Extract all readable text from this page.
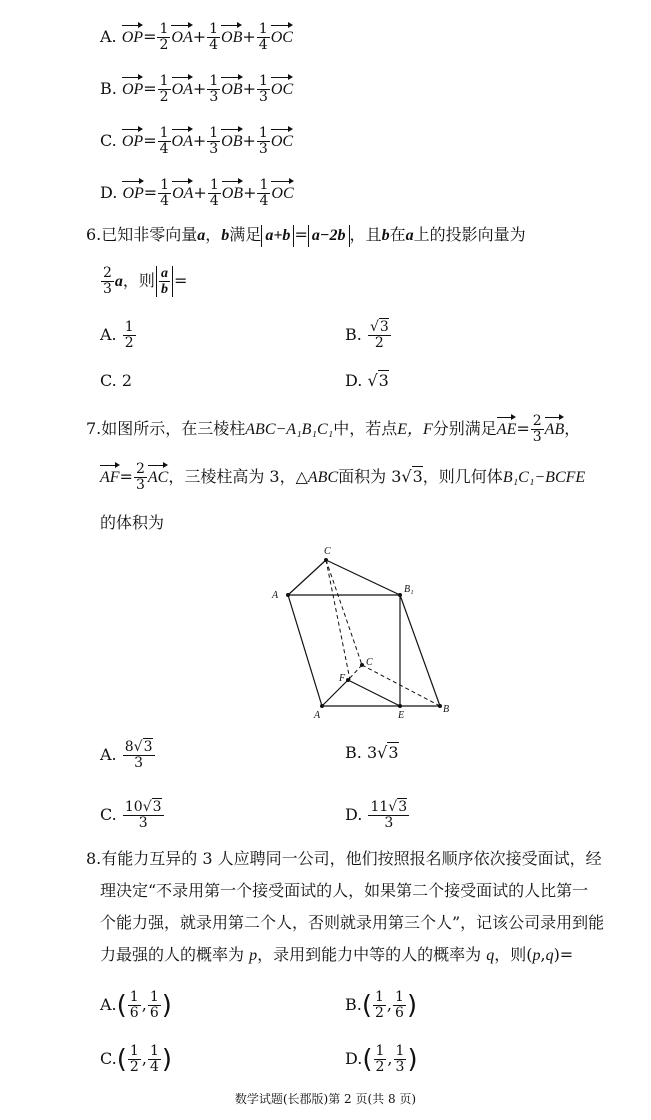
A. $OP= \frac{1}{2} OA+ \frac{1}{4} OB+ \frac{1}{4}$ OC
B. $OP= \frac{1}{2} OA+ \frac{1}{3} OB+ \frac{1}{3}$ OC
C. $OP= \frac{1}{4} OA+ \frac{1}{3} OB+ \frac{1}{3}$ OC
D. $OP= \frac{1}{4} OA+ \frac{1}{4} OB+ \frac{1}{4}$ OC
6.已知非零向量a，b满足 a+b = a−2b ，且b在a上的投影向量为
$\frac{2}{3}$ a，则 $\frac{a}{b}$ =
A. $\frac{1}{2}$	B. $\frac{√3}{2}$
C. 2	D. √3
7.如图所示，在三棱柱ABC−A₁B₁C₁中，若点E，F分别满足$AE= \frac{2}{3}$ AB，
$AF= \frac{2}{3}$ AC，三棱柱高为 3，△ABC面积为 3√3，则几何体B₁C₁−BCFE
的体积为
A
C
B₁
C
F
A	E
B
A. $\frac{8√3}{3}$	B. 3√3
C. $\frac{10√3}{3}$	D. $\frac{11√3}{3}$
8.有能力互异的 3 人应聘同一公司，他们按照报名顺序依次接受面试，经
理决定“不录用第一个接受面试的人，如果第二个接受面试的人比第一
个能力强，就录用第二个人，否则就录用第三个人”，记该公司录用到能
力最强的人的概率为 p，录用到能力中等的人的概率为 q，则(p,q)=
$A.( \frac{1}{6}$ , $\frac{1}{6}$ )	$B.( \frac{1}{2}$ , $\frac{1}{6}$ )
$C.( \frac{1}{2}$ , $\frac{1}{4}$ )	$D.( \frac{1}{2}$ , $\frac{1}{3}$ )
数学试题(长郡版)第 2 页(共 8 页)
